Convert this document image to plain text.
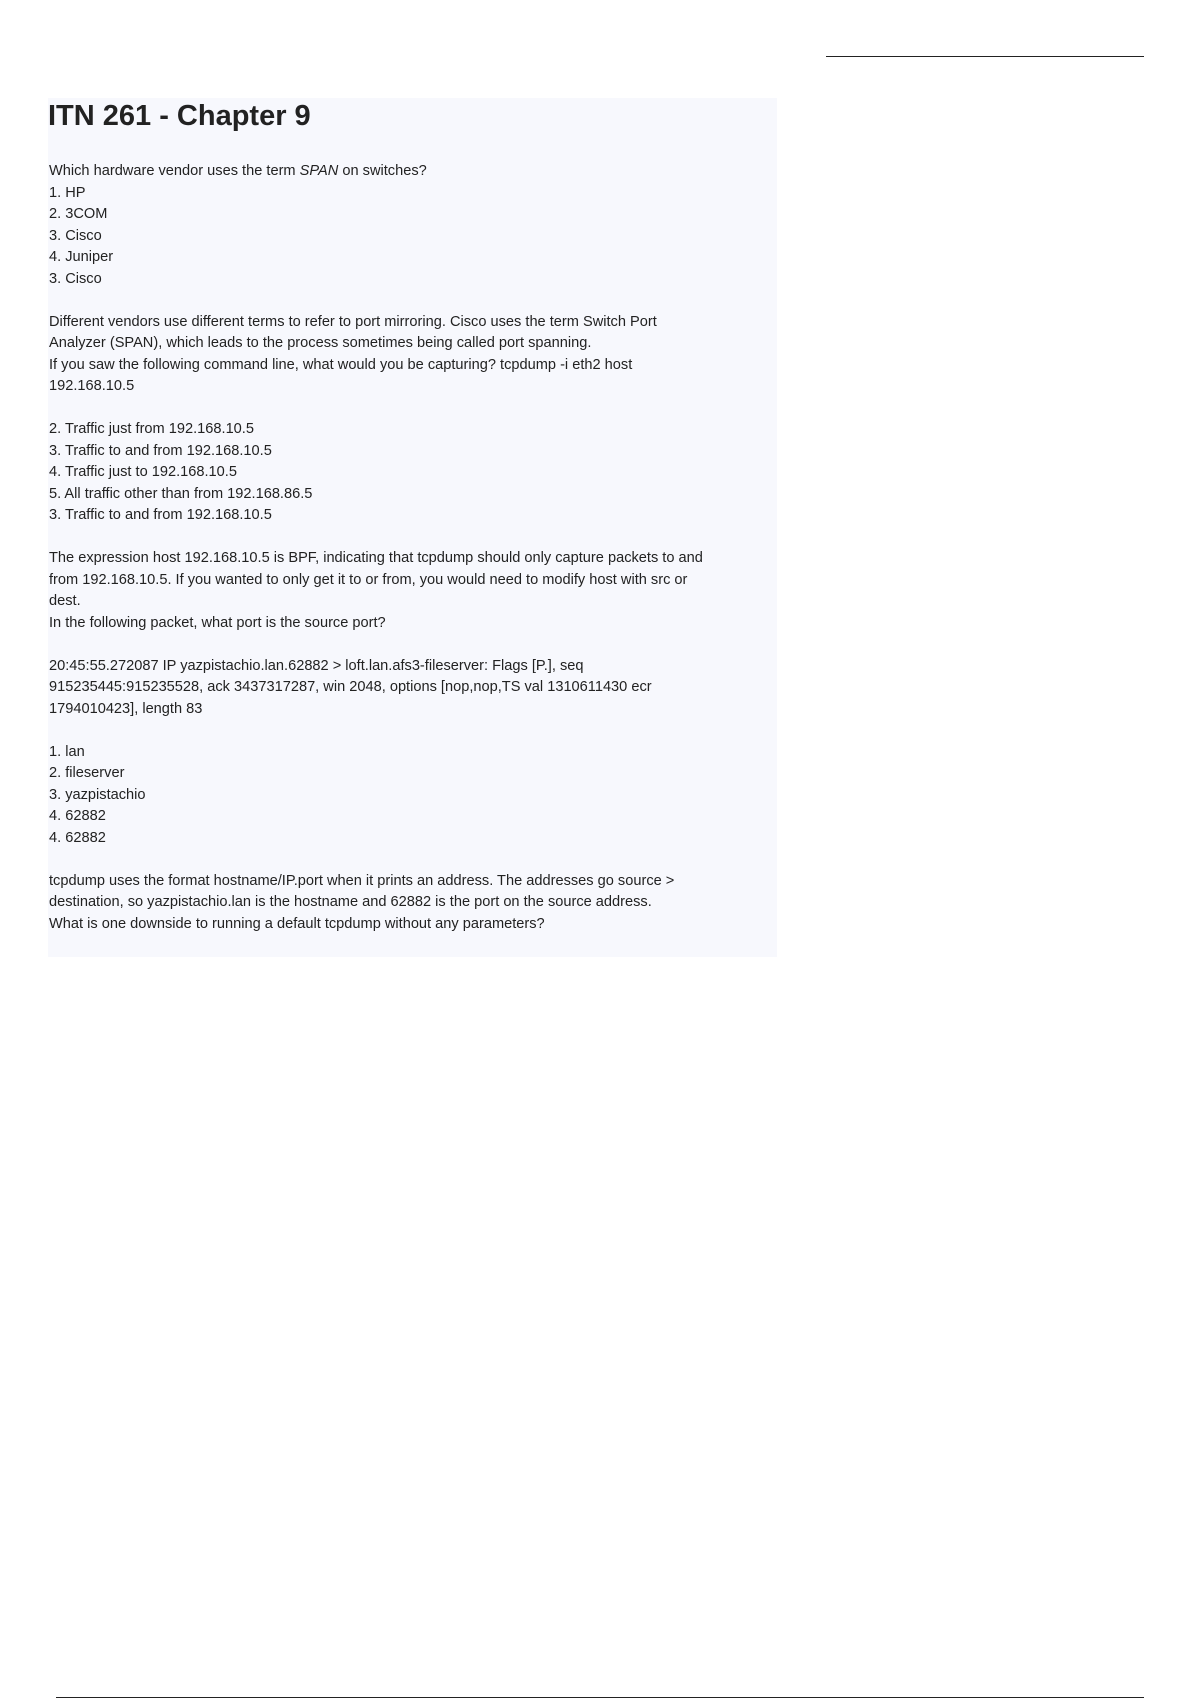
ITN 261 - Chapter 9
Which hardware vendor uses the term SPAN on switches?
1. HP
2. 3COM
3. Cisco
4. Juniper
3. Cisco
Different vendors use different terms to refer to port mirroring. Cisco uses the term Switch Port
Analyzer (SPAN), which leads to the process sometimes being called port spanning.
If you saw the following command line, what would you be capturing? tcpdump -i eth2 host
192.168.10.5
2. Traffic just from 192.168.10.5
3. Traffic to and from 192.168.10.5
4. Traffic just to 192.168.10.5
5. All traffic other than from 192.168.86.5
3. Traffic to and from 192.168.10.5
The expression host 192.168.10.5 is BPF, indicating that tcpdump should only capture packets to and
from 192.168.10.5. If you wanted to only get it to or from, you would need to modify host with src or
dest.
In the following packet, what port is the source port?
20:45:55.272087 IP yazpistachio.lan.62882 > loft.lan.afs3-fileserver: Flags [P.], seq
915235445:915235528, ack 3437317287, win 2048, options [nop,nop,TS val 1310611430 ecr
1794010423], length 83
1. lan
2. fileserver
3. yazpistachio
4. 62882
4. 62882
tcpdump uses the format hostname/IP.port when it prints an address. The addresses go source >
destination, so yazpistachio.lan is the hostname and 62882 is the port on the source address.
What is one downside to running a default tcpdump without any parameters?
